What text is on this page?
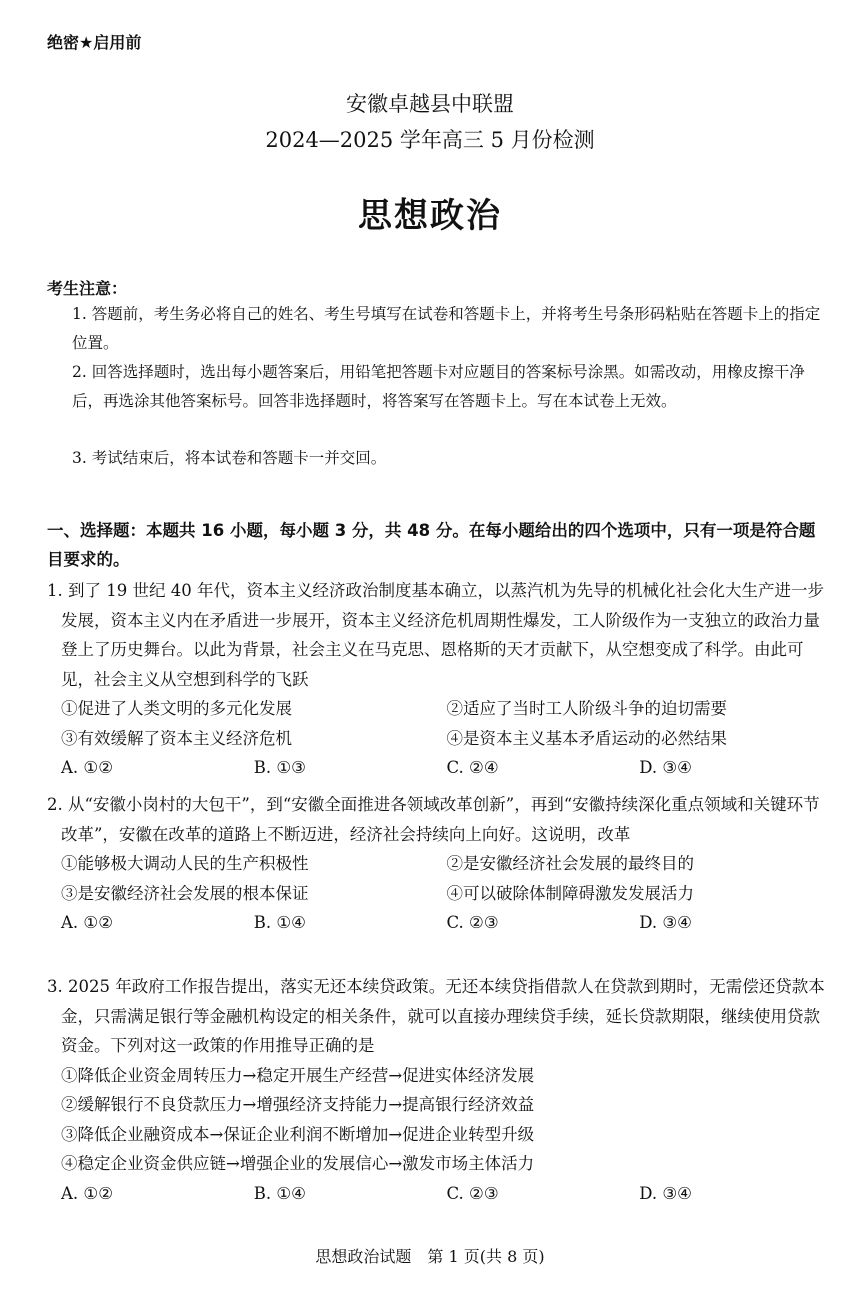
绝密★启用前
安徽卓越县中联盟
2024—2025 学年高三 5 月份检测
思想政治
考生注意：
1. 答题前，考生务必将自己的姓名、考生号填写在试卷和答题卡上，并将考生号条形码粘贴在答题卡上的指定位置。
2. 回答选择题时，选出每小题答案后，用铅笔把答题卡对应题目的答案标号涂黑。如需改动，用橡皮擦干净后，再选涂其他答案标号。回答非选择题时，将答案写在答题卡上。写在本试卷上无效。
3. 考试结束后，将本试卷和答题卡一并交回。
一、选择题：本题共 16 小题，每小题 3 分，共 48 分。在每小题给出的四个选项中，只有一项是符合题目要求的。
1. 到了 19 世纪 40 年代，资本主义经济政治制度基本确立，以蒸汽机为先导的机械化社会化大生产进一步发展，资本主义内在矛盾进一步展开，资本主义经济危机周期性爆发，工人阶级作为一支独立的政治力量登上了历史舞台。以此为背景，社会主义在马克思、恩格斯的天才贡献下，从空想变成了科学。由此可见，社会主义从空想到科学的飞跃
①促进了人类文明的多元化发展	②适应了当时工人阶级斗争的迫切需要
③有效缓解了资本主义经济危机	④是资本主义基本矛盾运动的必然结果
A. ①②	B. ①③	C. ②④	D. ③④
2. 从“安徽小岗村的大包干”，到“安徽全面推进各领域改革创新”，再到“安徽持续深化重点领域和关键环节改革”，安徽在改革的道路上不断迈进，经济社会持续向上向好。这说明，改革
①能够极大调动人民的生产积极性	②是安徽经济社会发展的最终目的
③是安徽经济社会发展的根本保证	④可以破除体制障碍激发发展活力
A. ①②	B. ①④	C. ②③	D. ③④
3. 2025 年政府工作报告提出，落实无还本续贷政策。无还本续贷指借款人在贷款到期时，无需偿还贷款本金，只需满足银行等金融机构设定的相关条件，就可以直接办理续贷手续，延长贷款期限，继续使用贷款资金。下列对这一政策的作用推导正确的是
①降低企业资金周转压力→稳定开展生产经营→促进实体经济发展
②缓解银行不良贷款压力→增强经济支持能力→提高银行经济效益
③降低企业融资成本→保证企业利润不断增加→促进企业转型升级
④稳定企业资金供应链→增强企业的发展信心→激发市场主体活力
A. ①②	B. ①④	C. ②③	D. ③④
思想政治试题　第 1 页(共 8 页)
